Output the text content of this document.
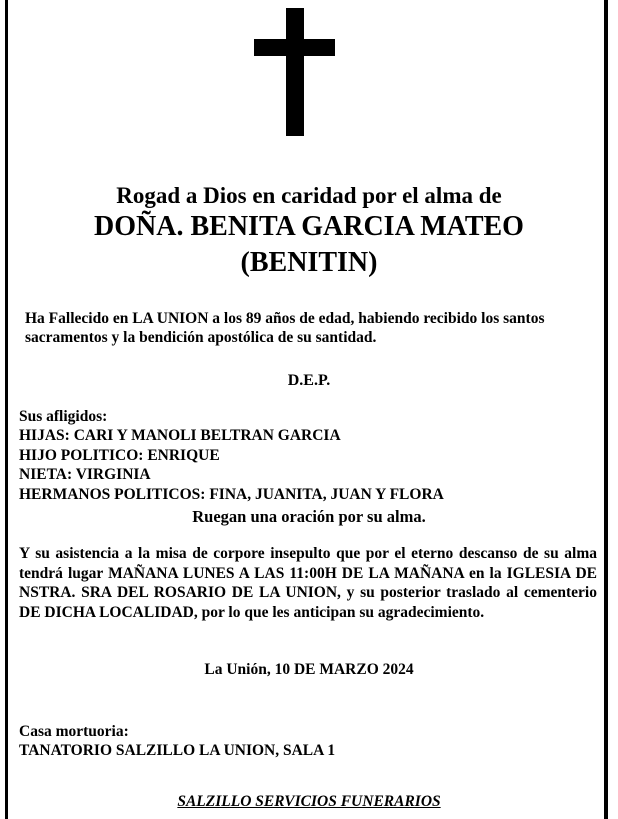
Rogad a Dios en caridad por el alma de
DOÑA. BENITA GARCIA MATEO
(BENITIN)
Ha Fallecido en LA UNION a los 89 años de edad, habiendo recibido los santos sacramentos y la bendición apostólica de su santidad.
D.E.P.
Sus afligidos:
HIJAS: CARI Y MANOLI BELTRAN GARCIA
HIJO POLITICO: ENRIQUE
NIETA: VIRGINIA
HERMANOS POLITICOS: FINA, JUANITA, JUAN Y FLORA
Ruegan una oración por su alma.
Y su asistencia a la misa de corpore insepulto que por el eterno descanso de su alma tendrá lugar MAÑANA LUNES A LAS 11:00H DE LA MAÑANA en la IGLESIA DE NSTRA. SRA DEL ROSARIO DE LA UNION, y su posterior traslado al cementerio DE DICHA LOCALIDAD, por lo que les anticipan su agradecimiento.
La Unión, 10 DE MARZO 2024
Casa mortuoria:
TANATORIO SALZILLO LA UNION, SALA 1
SALZILLO SERVICIOS FUNERARIOS
